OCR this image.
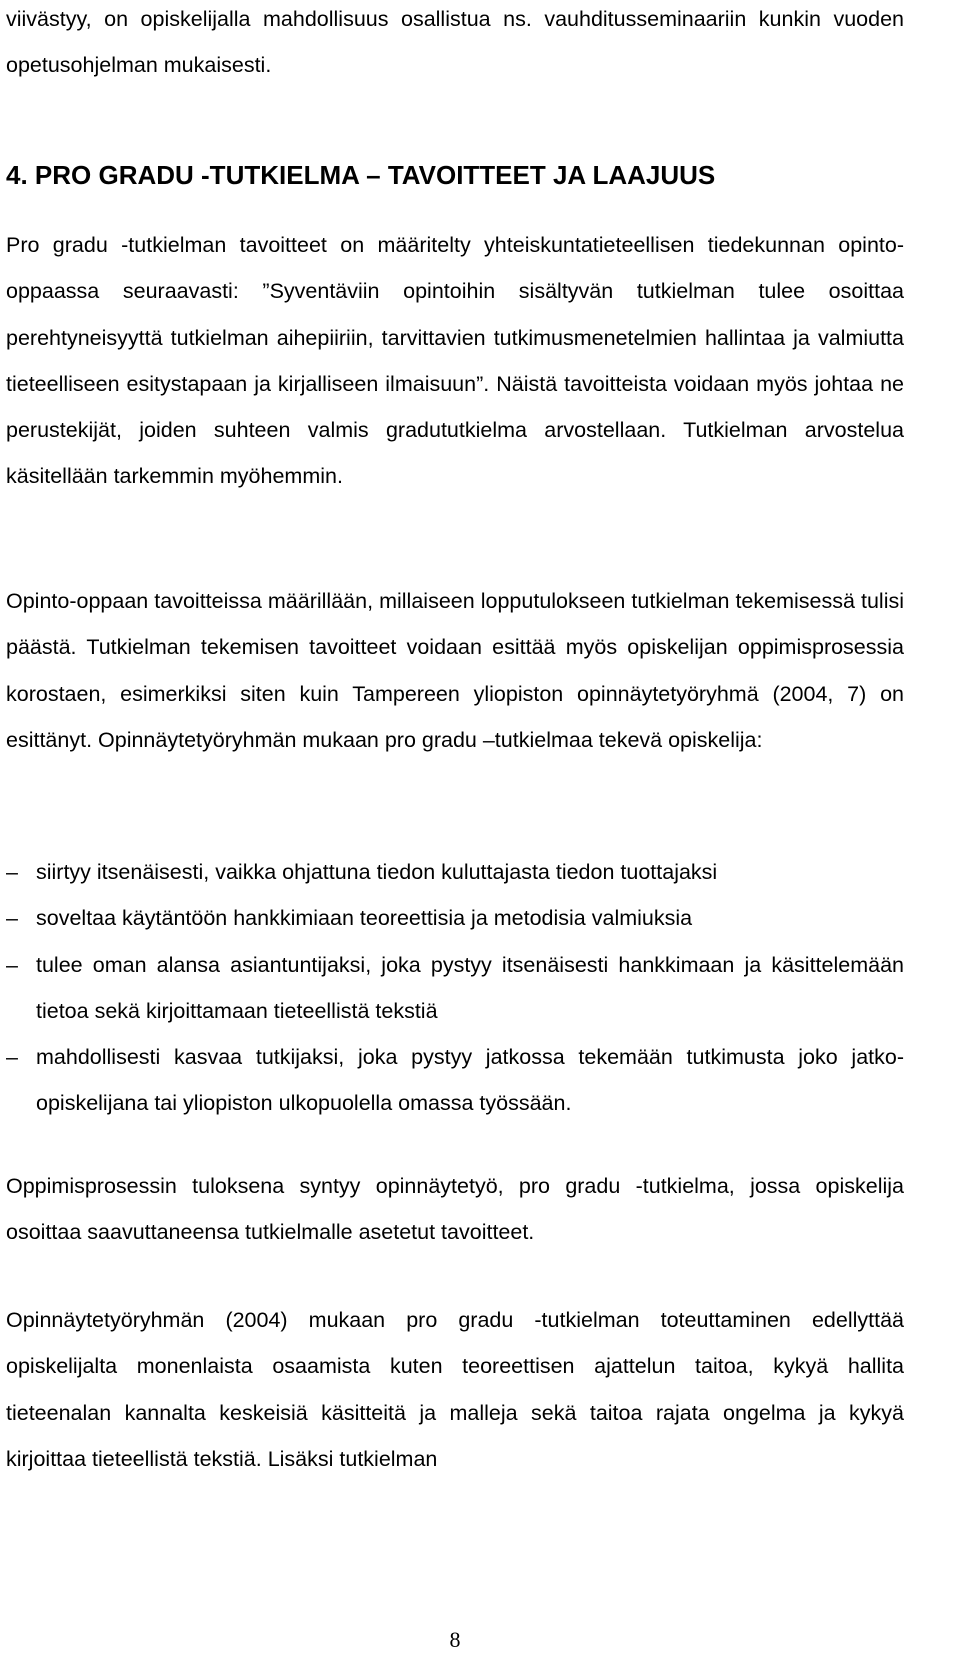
viivästyy, on opiskelijalla mahdollisuus osallistua ns. vauhditusseminaariin kunkin vuoden opetusohjelman mukaisesti.

4. PRO GRADU -TUTKIELMA – TAVOITTEET JA LAAJUUS

Pro gradu -tutkielman tavoitteet on määritelty yhteiskuntatieteellisen tiedekunnan opinto-oppaassa seuraavasti: ”Syventäviin opintoihin sisältyvän tutkielman tulee osoittaa perehtyneisyyttä tutkielman aihepiiriin, tarvittavien tutkimusmenetelmien hallintaa ja valmiutta tieteelliseen esitystapaan ja kirjalliseen ilmaisuun”. Näistä tavoitteista voidaan myös johtaa ne perustekijät, joiden suhteen valmis gradututkielma arvostellaan. Tutkielman arvostelua käsitellään tarkemmin myöhemmin.

Opinto-oppaan tavoitteissa määrillään, millaiseen lopputulokseen tutkielman tekemisessä tulisi päästä. Tutkielman tekemisen tavoitteet voidaan esittää myös opiskelijan oppimisprosessia korostaen, esimerkiksi siten kuin Tampereen yliopiston opinnäytetyöryhmä (2004, 7) on esittänyt. Opinnäytetyöryhmän mukaan pro gradu –tutkielmaa tekevä opiskelija:

– siirtyy itsenäisesti, vaikka ohjattuna tiedon kuluttajasta tiedon tuottajaksi
– soveltaa käytäntöön hankkimiaan teoreettisia ja metodisia valmiuksia
– tulee oman alansa asiantuntijaksi, joka pystyy itsenäisesti hankkimaan ja käsittelemään tietoa sekä kirjoittamaan tieteellistä tekstiä
– mahdollisesti kasvaa tutkijaksi, joka pystyy jatkossa tekemään tutkimusta joko jatko-opiskelijana tai yliopiston ulkopuolella omassa työssään.

Oppimisprosessin tuloksena syntyy opinnäytetyö, pro gradu -tutkielma, jossa opiskelija osoittaa saavuttaneensa tutkielmalle asetetut tavoitteet.

Opinnäytetyöryhmän (2004) mukaan pro gradu -tutkielman toteuttaminen edellyttää opiskelijalta monenlaista osaamista kuten teoreettisen ajattelun taitoa, kykyä hallita tieteenalan kannalta keskeisiä käsitteitä ja malleja sekä taitoa rajata ongelma ja kykyä kirjoittaa tieteellistä tekstiä. Lisäksi tutkielman

8
